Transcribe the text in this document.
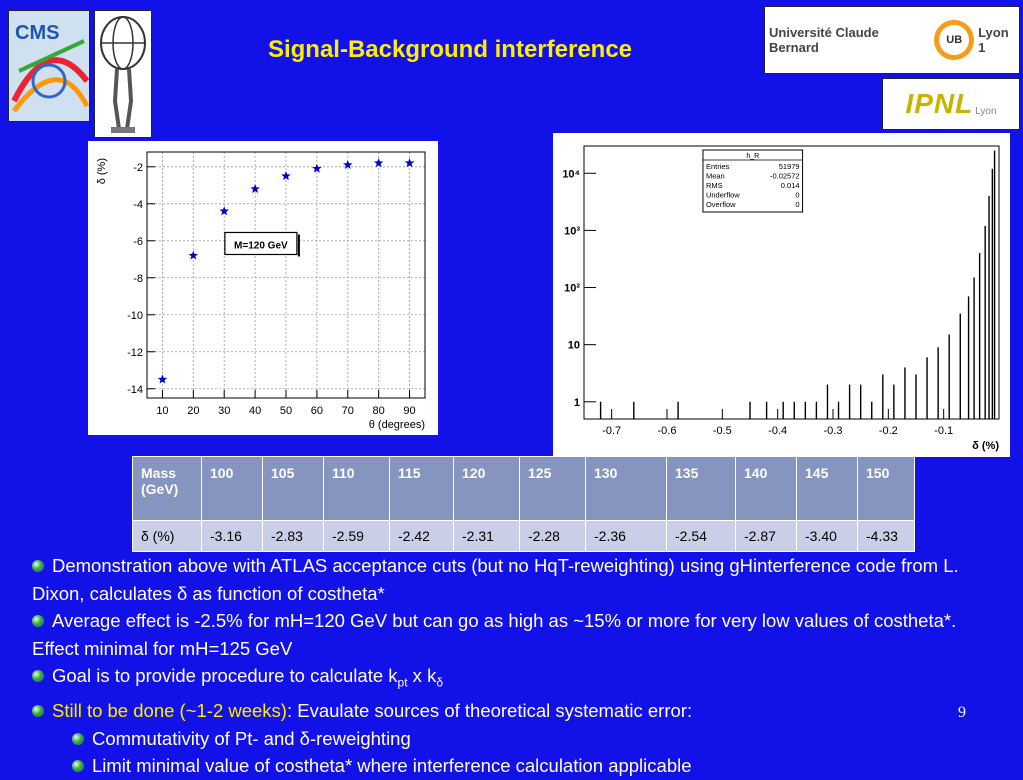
CMS	Université Claude Bernard	UB	Lyon 1
IPNL Lyon
Signal-Background interference
10 20 30 40 50 60 70 80 90
-2
-4
-6
-8
-10
-12
-14
M=120 GeV
θ (degrees)
δ (%)
-0.7	-0.6	-0.5	-0.4	-0.3	-0.2	-0.1
1
10
10²
10³
10⁴
h_R
Entries	51979
Mean	-0.02572
RMS	0.014
Underflow	0
Overflow	0
δ (%)
Mass (GeV)	100	105	110	115	120	125	130	135	140	145	150
δ (%)	-3.16	-2.83	-2.59	-2.42	-2.31	-2.28	-2.36	-2.54	-2.87	-3.40	-4.33
Demonstration above with ATLAS acceptance cuts (but no HqT-reweighting) using gHinterference code from L. Dixon, calculates δ as function of costheta*
Average effect is -2.5% for mH=120 GeV but can go as high as ~15% or more for very low values of costheta*. Effect minimal for mH=125 GeV
Goal is to provide procedure to calculate $k_{pt}$ x $k_\delta$
Still to be done (~1-2 weeks): Evaulate sources of theoretical systematic error:
Commutativity of Pt- and δ-reweighting
Limit minimal value of costheta* where interference calculation applicable
9
